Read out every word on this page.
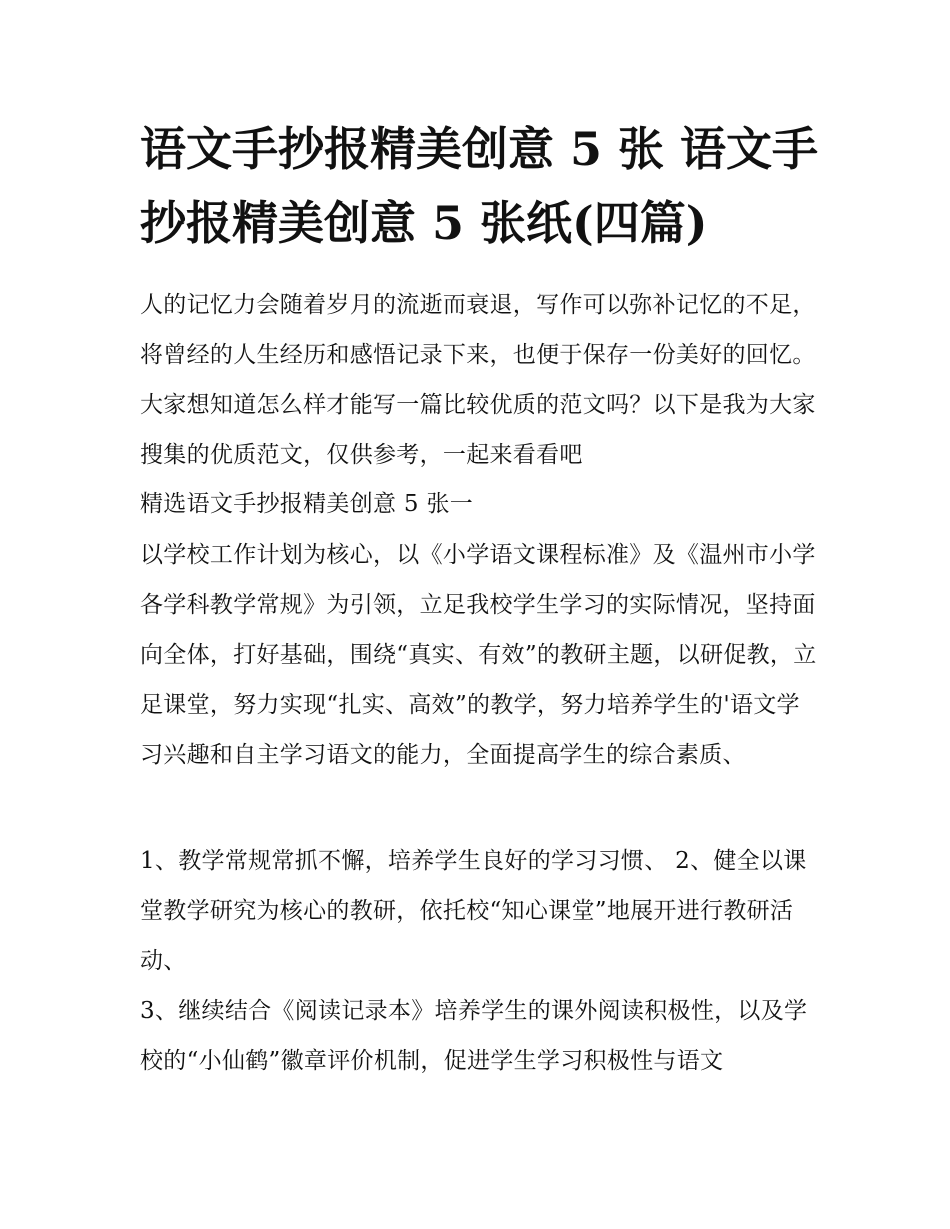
语文手抄报精美创意 5 张 语文手抄报精美创意 5 张纸(四篇)

人的记忆力会随着岁月的流逝而衰退，写作可以弥补记忆的不足，将曾经的人生经历和感悟记录下来，也便于保存一份美好的回忆。大家想知道怎么样才能写一篇比较优质的范文吗？以下是我为大家搜集的优质范文，仅供参考，一起来看看吧

精选语文手抄报精美创意 5 张一

以学校工作计划为核心，以《小学语文课程标准》及《温州市小学各学科教学常规》为引领，立足我校学生学习的实际情况，坚持面向全体，打好基础，围绕“真实、有效”的教研主题，以研促教，立足课堂，努力实现“扎实、高效”的教学，努力培养学生的'语文学习兴趣和自主学习语文的能力，全面提高学生的综合素质、

1、教学常规常抓不懈，培养学生良好的学习习惯、 2、健全以课堂教学研究为核心的教研，依托校“知心课堂”地展开进行教研活动、

3、继续结合《阅读记录本》培养学生的课外阅读积极性，以及学校的“小仙鹤”徽章评价机制，促进学生学习积极性与语文
